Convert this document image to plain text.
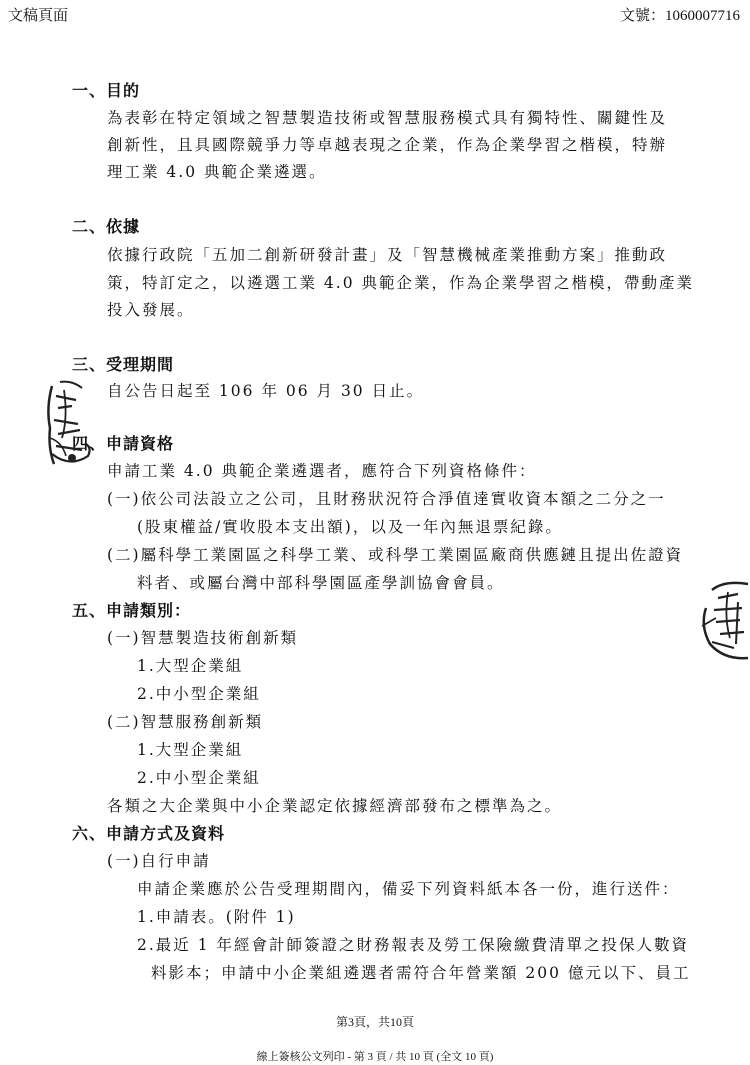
文稿頁面	文號：1060007716
一、目的
為表彰在特定領域之智慧製造技術或智慧服務模式具有獨特性、關鍵性及
創新性，且具國際競爭力等卓越表現之企業，作為企業學習之楷模，特辦
理工業 4.0 典範企業遴選。
二、依據
依據行政院「五加二創新研發計畫」及「智慧機械產業推動方案」推動政
策，特訂定之，以遴選工業 4.0 典範企業，作為企業學習之楷模，帶動產業
投入發展。
三、受理期間
自公告日起至 106 年 06 月 30 日止。
四、申請資格
申請工業 4.0 典範企業遴選者，應符合下列資格條件：
(一)依公司法設立之公司，且財務狀況符合淨值達實收資本額之二分之一
(股東權益/實收股本支出額)，以及一年內無退票紀錄。
(二)屬科學工業園區之科學工業、或科學工業園區廠商供應鏈且提出佐證資
料者、或屬台灣中部科學園區產學訓協會會員。
五、申請類別：
(一)智慧製造技術創新類
1.大型企業組
2.中小型企業組
(二)智慧服務創新類
1.大型企業組
2.中小型企業組
各類之大企業與中小企業認定依據經濟部發布之標準為之。
六、申請方式及資料
(一)自行申請
申請企業應於公告受理期間內，備妥下列資料紙本各一份，進行送件：
1.申請表。(附件 1)
2.最近 1 年經會計師簽證之財務報表及勞工保險繳費清單之投保人數資
料影本；申請中小企業組遴選者需符合年營業額 200 億元以下、員工
第3頁，共10頁
線上簽核公文列印 - 第 3 頁 / 共 10 頁 (全文 10 頁)
